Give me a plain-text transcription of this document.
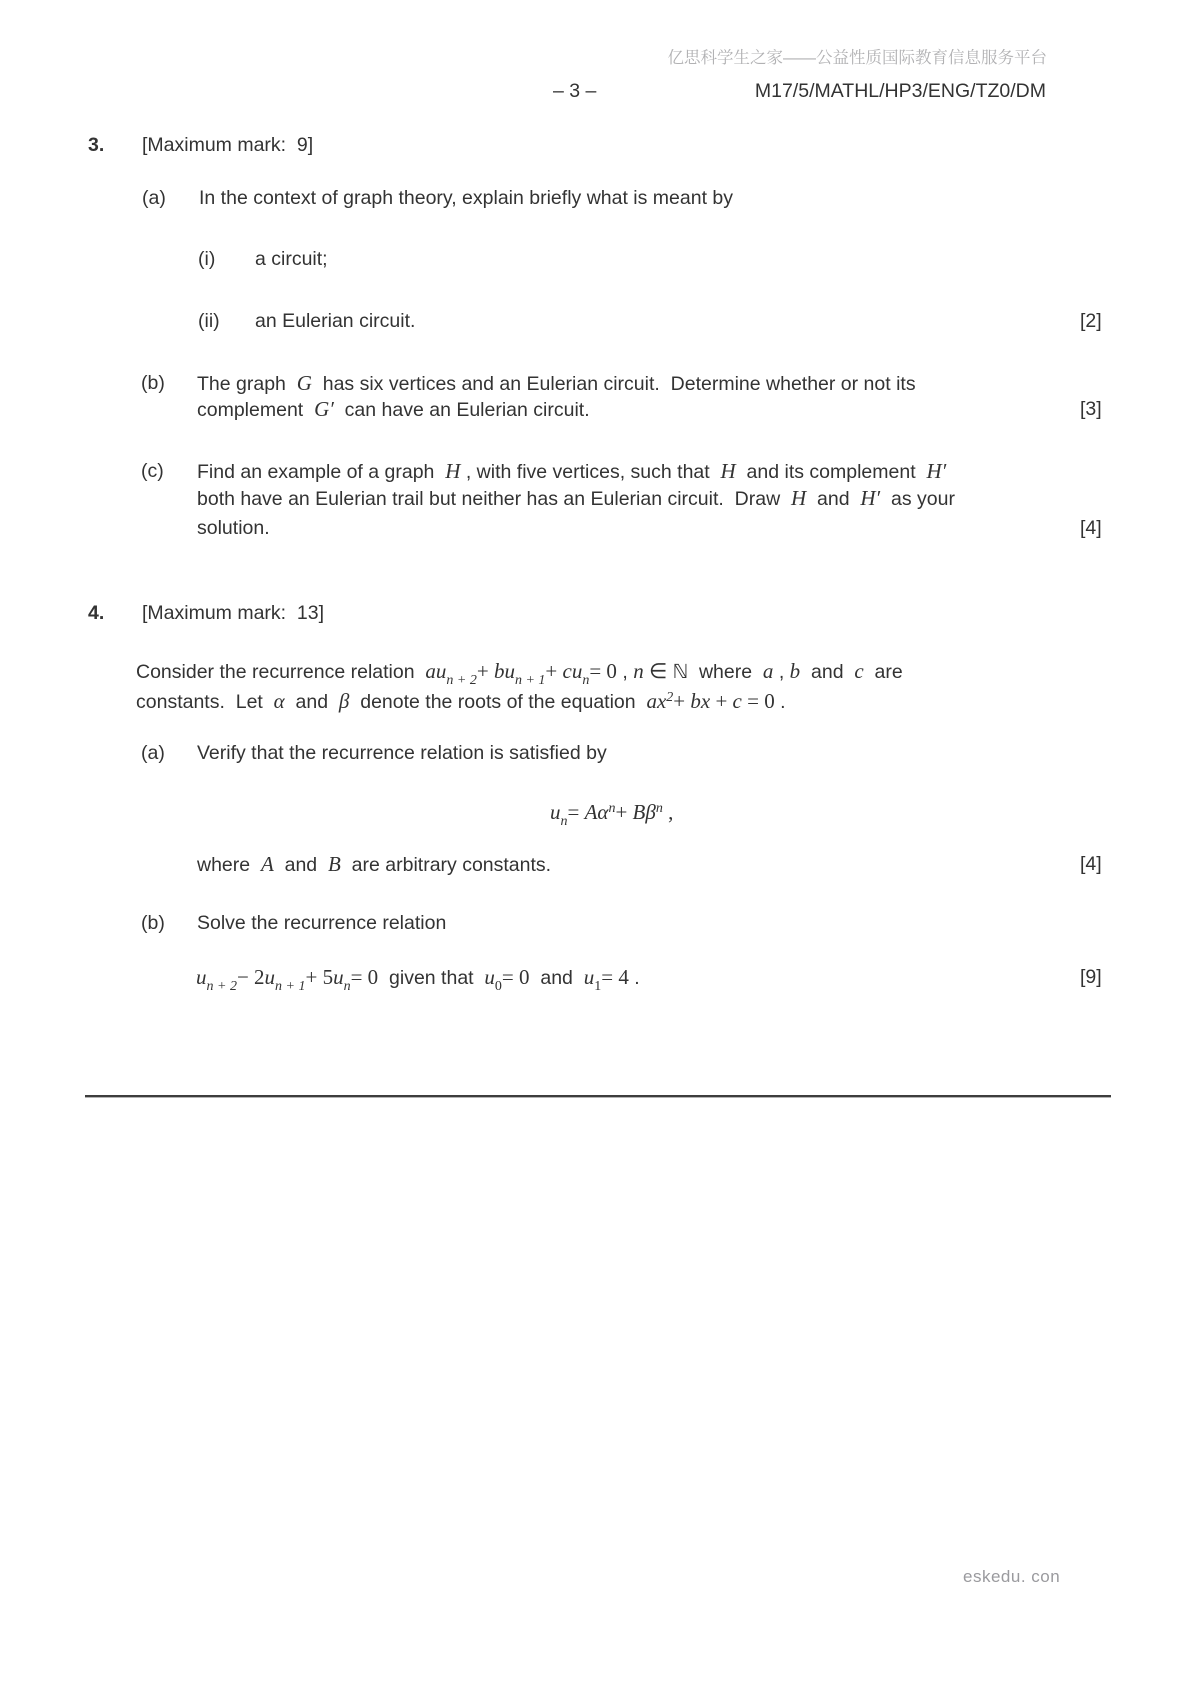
亿思科学生之家——公益性质国际教育信息服务平台

– 3 –

	M17/5/MATHL/HP3/ENG/TZ0/DM

3.

[Maximum mark:  9]

(a)

In the context of graph theory, explain briefly what is meant by

(i)

a circuit;

(ii)

an Eulerian circuit.

	[2]

(b)

The graph  G  has six vertices and an Eulerian circuit.  Determine whether or not its

complement  G′  can have an Eulerian circuit.

	[3]

(c)

Find an example of a graph  H , with five vertices, such that  H  and its complement  H′

both have an Eulerian trail but neither has an Eulerian circuit.  Draw  H  and  H′  as your

solution.

	[4]

4.

[Maximum mark:  13]

Consider the recurrence relation  $au_{n + 2}+ bu_{n + 1}+ cu_n= 0$ , n ∈ ℕ  where  a , b  and  c  are

constants.  Let  α  and  β  denote the roots of the equation  $ax^2+$ bx + c = 0 .

(a)

Verify that the recurrence relation is satisfied by

$u_n= A\alpha^n+ B\beta^n$ ,

where  A  and  B  are arbitrary constants.

	[4]

(b)

Solve the recurrence relation

$u_{n + 2}- 2u_{n + 1}+ 5u_n= 0$  given that  $u_0= 0$  and  $u_1= 4$ .

	[9]

eskedu. con
